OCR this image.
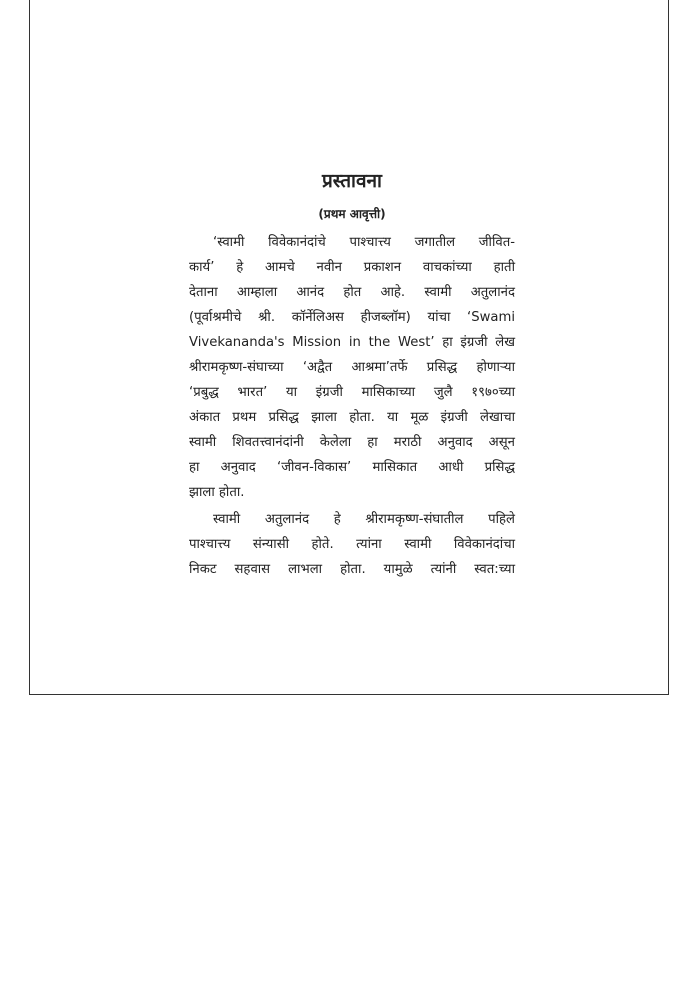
प्रस्तावना
(प्रथम आवृत्ती)
‘स्वामी विवेकानंदांचे पाश्चात्त्य जगातील जीवित-
कार्य’ हे आमचे नवीन प्रकाशन वाचकांच्या हाती
देताना आम्हाला आनंद होत आहे. स्वामी अतुलानंद
(पूर्वाश्रमीचे श्री. कॉर्नेलिअस हीजब्लॉम) यांचा ‘Swami
Vivekananda's Mission in the West’ हा इंग्रजी लेख
श्रीरामकृष्ण-संघाच्या ‘अद्वैत आश्रमा’तर्फे प्रसिद्ध होणाऱ्या
‘प्रबुद्ध भारत’ या इंग्रजी मासिकाच्या जुलै १९७०च्या
अंकात प्रथम प्रसिद्ध झाला होता. या मूळ इंग्रजी लेखाचा
स्वामी शिवतत्त्वानंदांनी केलेला हा मराठी अनुवाद असून
हा अनुवाद ‘जीवन-विकास’ मासिकात आधी प्रसिद्ध
झाला होता.
स्वामी अतुलानंद हे श्रीरामकृष्ण-संघातील पहिले
पाश्चात्त्य संन्यासी होते. त्यांना स्वामी विवेकानंदांचा
निकट सहवास लाभला होता. यामुळे त्यांनी स्वत:च्या
